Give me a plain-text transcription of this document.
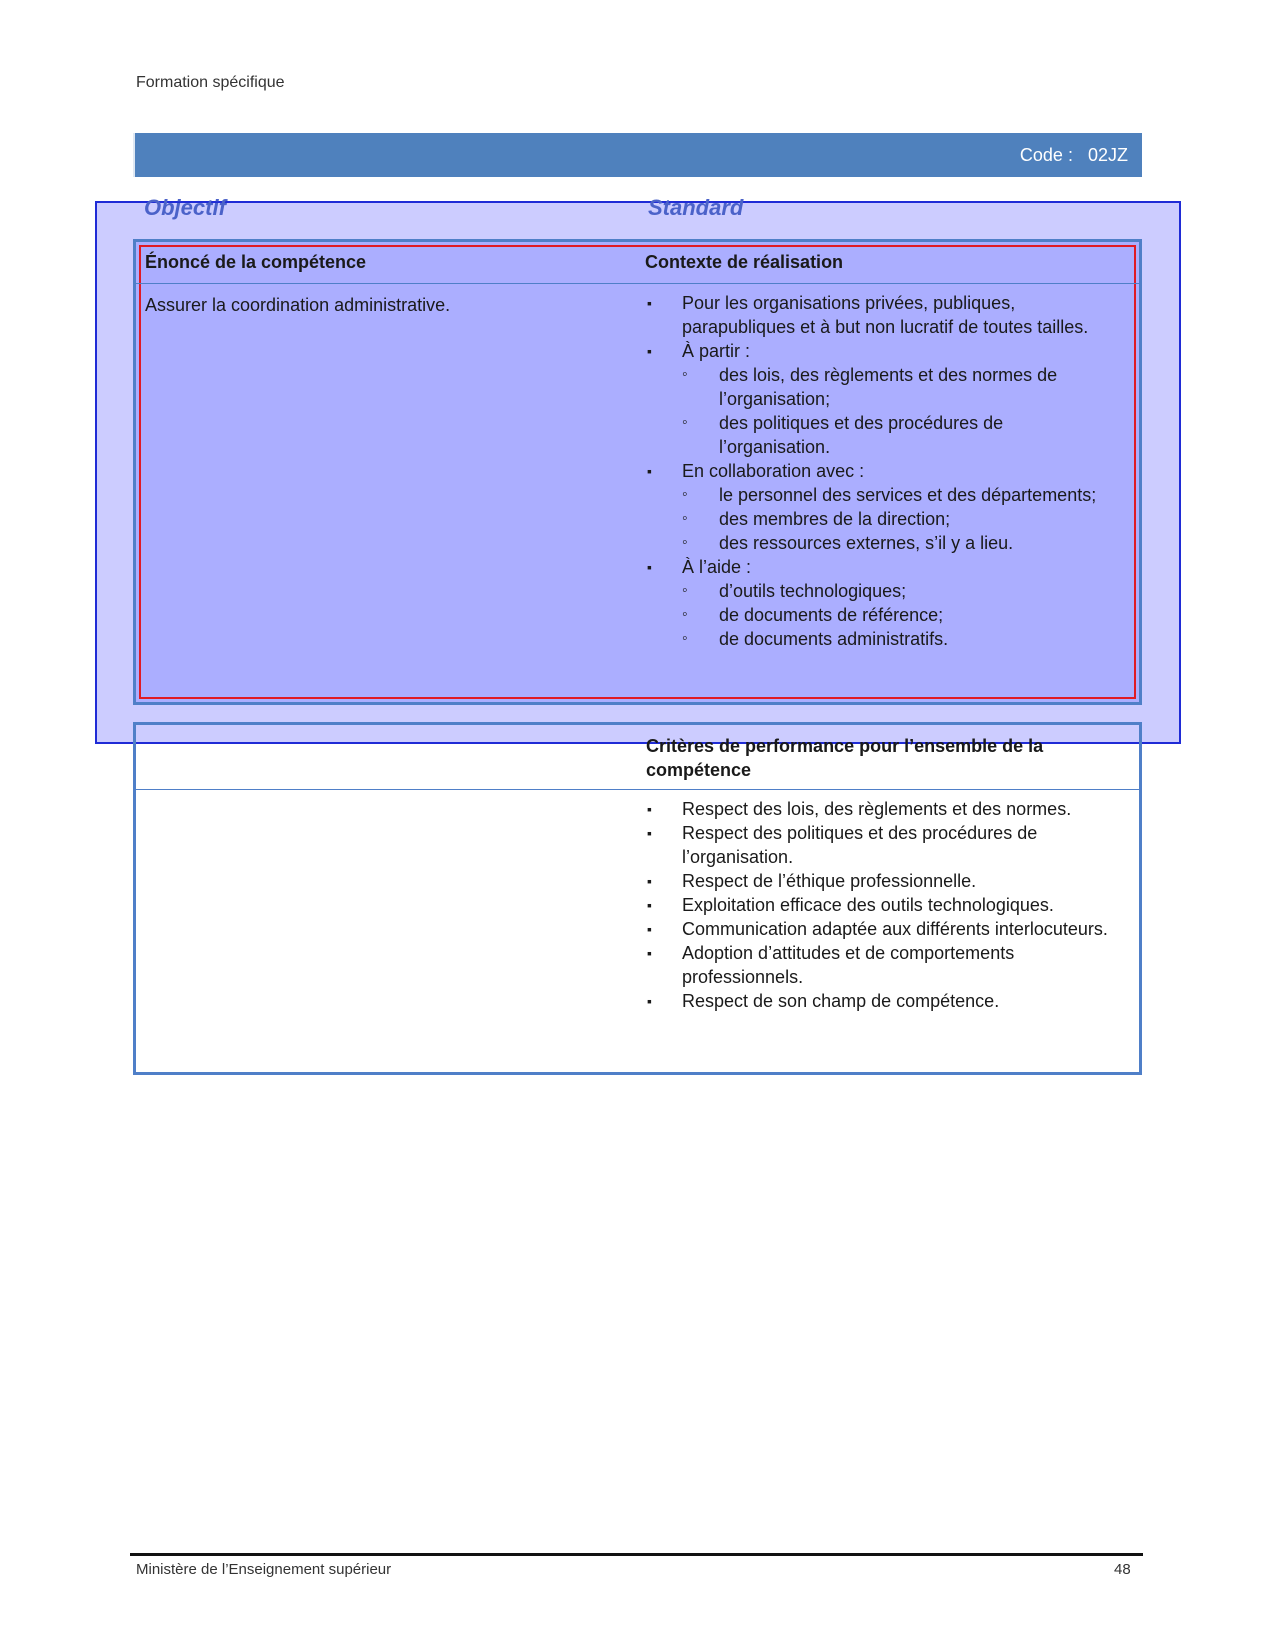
Formation spécifique
Code : 02JZ
Objectif	Standard
Énoncé de la compétence	Contexte de réalisation
Assurer la coordination administrative.	▪	Pour les organisations privées, publiques, parapubliques et à but non lucratif de toutes tailles.
▪	À partir :
◦ des lois, des règlements et des normes de l’organisation;
◦ des politiques et des procédures de l’organisation.
▪	En collaboration avec :
◦ le personnel des services et des départements;
◦ des membres de la direction;
◦ des ressources externes, s’il y a lieu.
▪	À l’aide :
◦ d’outils technologiques;
◦ de documents de référence;
◦ de documents administratifs.
Critères de performance pour l’ensemble de la compétence
▪	Respect des lois, des règlements et des normes.
▪	Respect des politiques et des procédures de l’organisation.
▪	Respect de l’éthique professionnelle.
▪	Exploitation efficace des outils technologiques.
▪	Communication adaptée aux différents interlocuteurs.
▪	Adoption d’attitudes et de comportements professionnels.
▪	Respect de son champ de compétence.
Ministère de l’Enseignement supérieur	48
